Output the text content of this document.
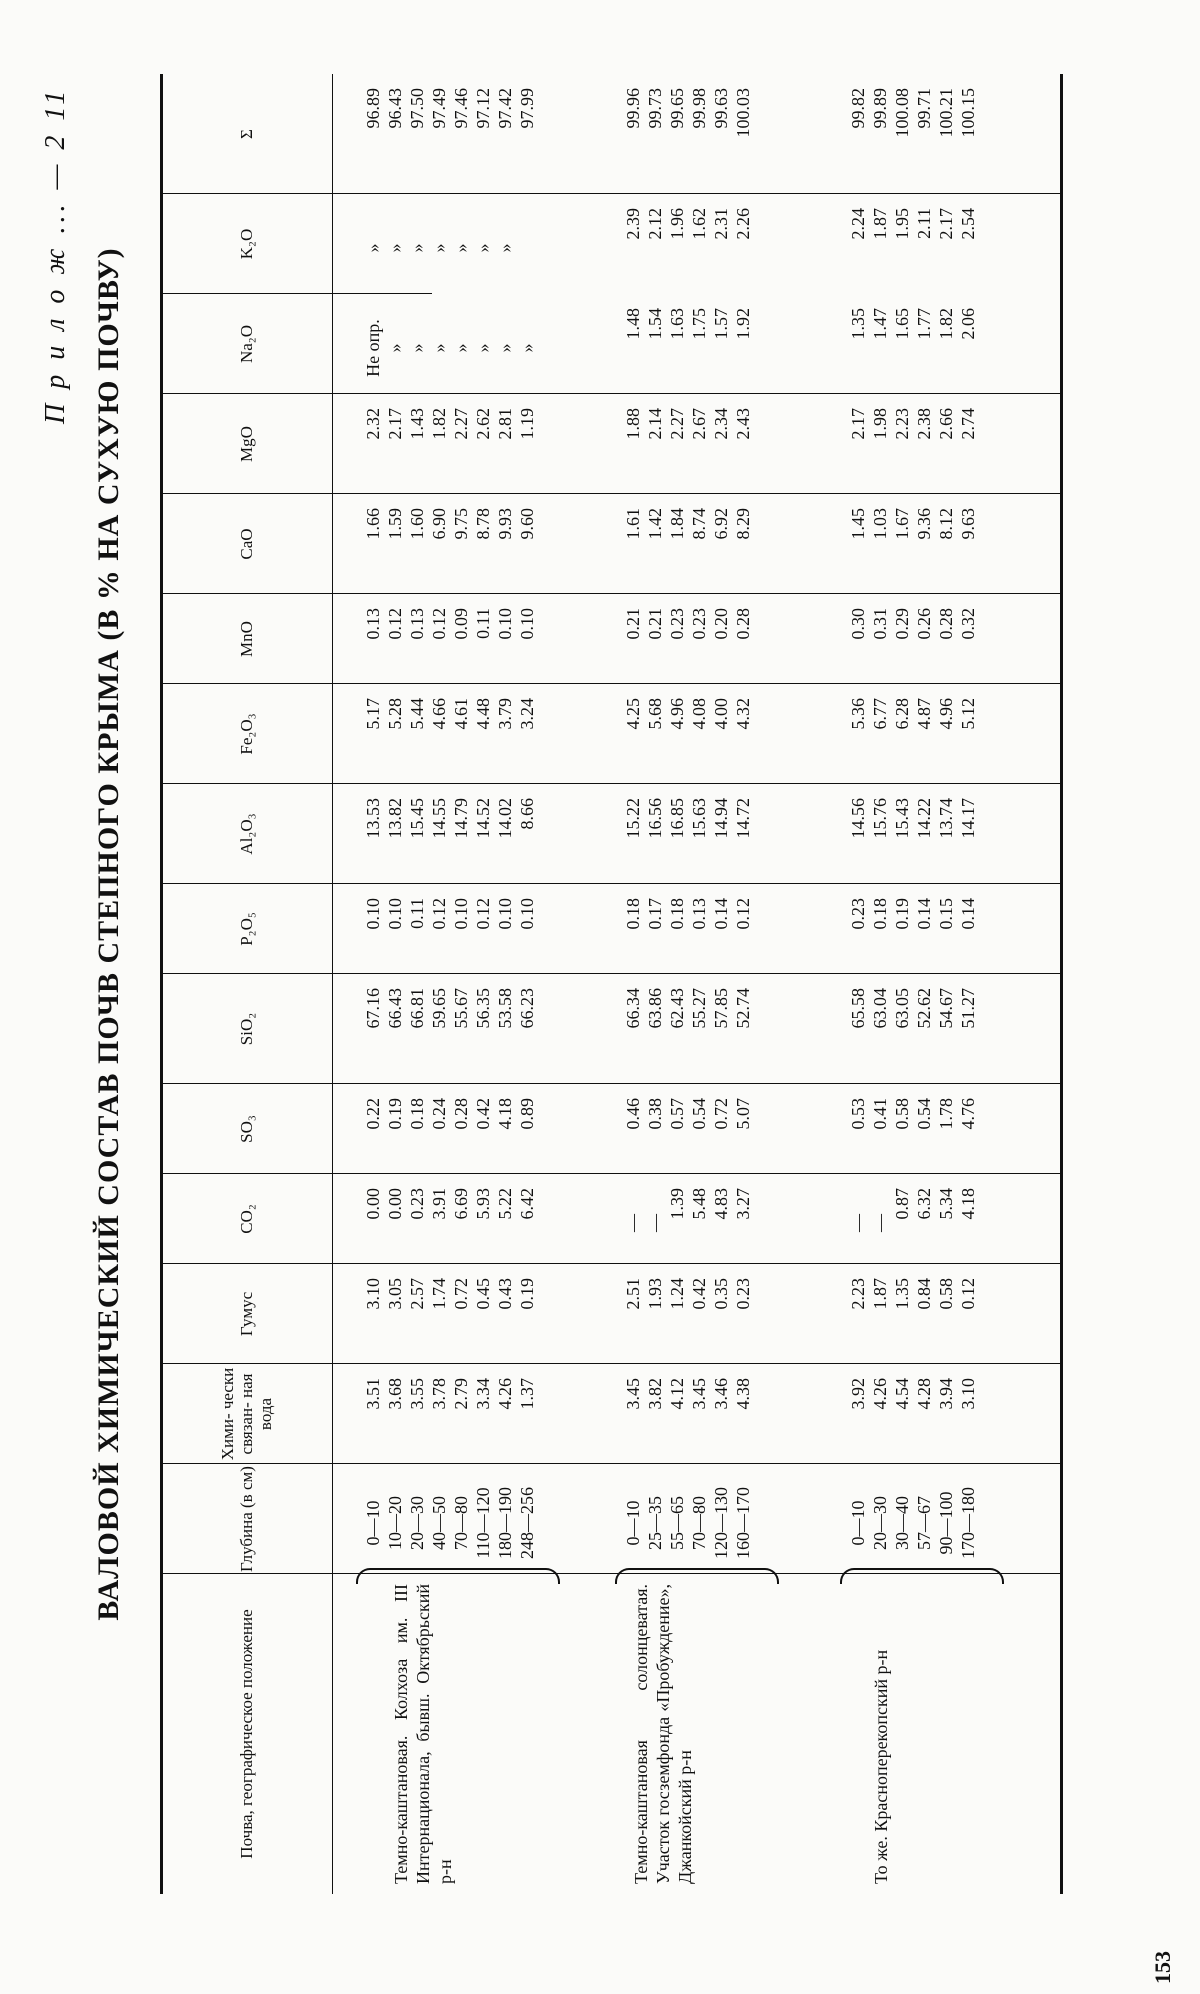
П р и л о ж ... — 2 11 ВАЛОВОЙ ХИМИЧЕСКИЙ СОСТАВ ПОЧВ СТЕПНОГО КРЫМА (В % НА СУХУЮ ПОЧВУ)
Почва, географическое положение
Глубина (в см)
Хими- чески связан- ная вода
Гумус
CO₂
SO₃
SiO₂
P₂O₅
Al₂O₃
Fe₂O₃
MnO
CaO
MgO
Na₂O
K₂O
Σ
Темно-каштановая. Колхоза им. III Интернационала, бывш. Октябрьский р-н	Темно-каштановая солонцеватая. Участок госземфонда «Пробуждение», Джанкойский р-н	То же. Красноперекопский р-н
0—10 10—20 20—30 40—50 70—80 110—120 180—190 248—256
3.51 3.68 3.55 3.78 2.79 3.34 4.26 1.37
3.10 3.05 2.57 1.74 0.72 0.45 0.43 0.19
0.00 0.00 0.23 3.91 6.69 5.93 5.22 6.42
0.22 0.19 0.18 0.24 0.28 0.42 4.18 0.89
67.16 66.43 66.81 59.65 55.67 56.35 53.58 66.23
0.10 0.10 0.11 0.12 0.10 0.12 0.10 0.10
13.53 13.82 15.45 14.55 14.79 14.52 14.02 8.66
5.17 5.28 5.44 4.66 4.61 4.48 3.79 3.24
0.13 0.12 0.13 0.12 0.09 0.11 0.10 0.10
1.66 1.59 1.60 6.90 9.75 8.78 9.93 9.60
2.32 2.17 1.43 1.82 2.27 2.62 2.81 1.19
Не опр. » » » » » » »
» » » » » » »
96.89 96.43 97.50 97.49 97.46 97.12 97.42 97.99
0—10 25—35 55—65 70—80 120—130 160—170
3.45 3.82 4.12 3.45 3.46 4.38
2.51 1.93 1.24 0.42 0.35 0.23
— —
1.39 5.48 4.83 3.27
0.46 0.38 0.57 0.54 0.72 5.07
66.34 63.86 62.43 55.27 57.85 52.74
0.18 0.17 0.18 0.13 0.14 0.12
15.22 16.56 16.85 15.63 14.94 14.72
4.25 5.68 4.96 4.08 4.00 4.32
0.21 0.21 0.23 0.23 0.20 0.28
1.61 1.42 1.84 8.74 6.92 8.29
1.88 2.14 2.27 2.67 2.34 2.43
1.48 1.54 1.63 1.75 1.57 1.92
2.39 2.12 1.96 1.62 2.31 2.26
99.96 99.73 99.65 99.98 99.63 100.03
0—10 20—30 30—40 57—67 90—100 170—180
3.92 4.26 4.54 4.28 3.94 3.10
2.23 1.87 1.35 0.84 0.58 0.12
— —
0.87 6.32 5.34 4.18
0.53 0.41 0.58 0.54 1.78 4.76
65.58 63.04 63.05 52.62 54.67 51.27
0.23 0.18 0.19 0.14 0.15 0.14
14.56 15.76 15.43 14.22 13.74 14.17
5.36 6.77 6.28 4.87 4.96 5.12
0.30 0.31 0.29 0.26 0.28 0.32
1.45 1.03 1.67 9.36 8.12 9.63
2.17 1.98 2.23 2.38 2.66 2.74
1.35 1.47 1.65 1.77 1.82 2.06
2.24 1.87 1.95 2.11 2.17 2.54
99.82 99.89 100.08 99.71 100.21 100.15
153
